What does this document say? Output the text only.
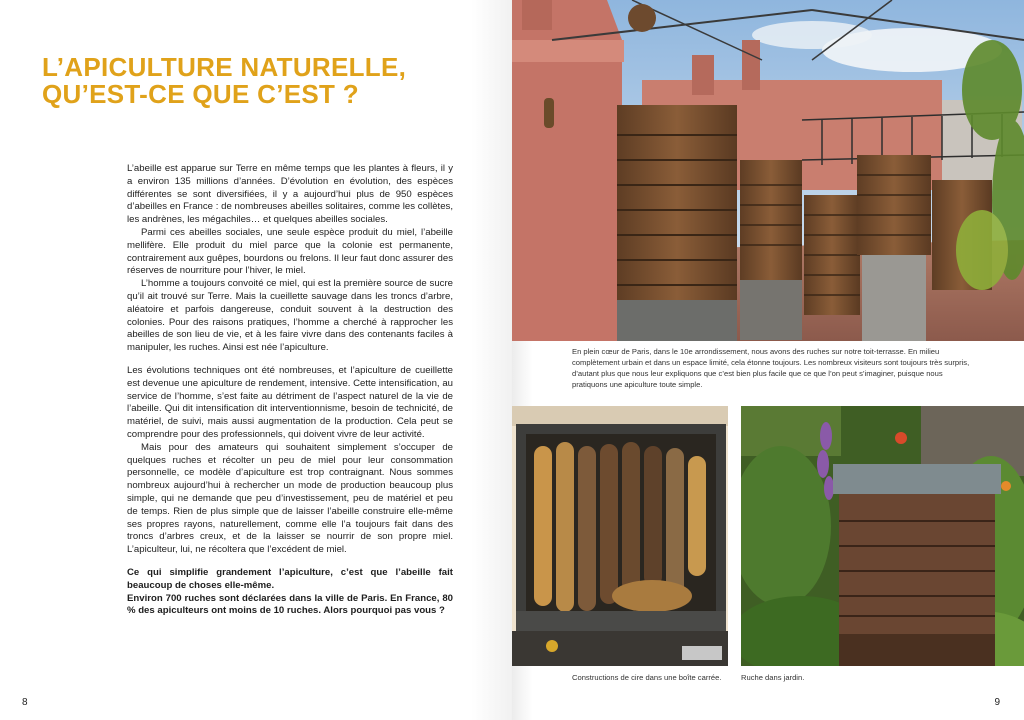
L’APICULTURE NATURELLE,
QU’EST-CE QUE C’EST ?

L’abeille est apparue sur Terre en même temps que les plantes à fleurs, il y a environ 135 millions d’années. D’évolution en évolution, des espèces différentes se sont diversifiées, il y a aujourd’hui plus de 950 espèces d’abeilles en France : de nombreuses abeilles solitaires, comme les collètes, les andrènes, les mégachiles… et quelques abeilles sociales.

Parmi ces abeilles sociales, une seule espèce produit du miel, l’abeille mellifère. Elle produit du miel parce que la colonie est permanente, contrairement aux guêpes, bourdons ou frelons. Il leur faut donc assurer des réserves de nourriture pour l’hiver, le miel.

L’homme a toujours convoité ce miel, qui est la première source de sucre qu’il ait trouvé sur Terre. Mais la cueillette sauvage dans les troncs d’arbre, aléatoire et parfois dangereuse, conduit souvent à la destruction des colonies. Pour des raisons pratiques, l’homme a cherché à rapprocher les abeilles de son lieu de vie, et à les faire vivre dans des contenants faciles à manipuler, les ruches. Ainsi est née l’apiculture.

Les évolutions techniques ont été nombreuses, et l’apiculture de cueillette est devenue une apiculture de rendement, intensive. Cette intensification, au service de l’homme, s’est faite au détriment de l’aspect naturel de la vie de l’abeille. Qui dit intensification dit interventionnisme, besoin de technicité, de matériel, de suivi, mais aussi augmentation de la production. Cela peut se comprendre pour des professionnels, qui doivent vivre de leur activité.

Mais pour des amateurs qui souhaitent simplement s’occuper de quelques ruches et récolter un peu de miel pour leur consommation personnelle, ce modèle d’apiculture est trop contraignant. Nous sommes nombreux aujourd’hui à rechercher un mode de production beaucoup plus simple, qui ne demande que peu d’investissement, peu de matériel et peu de temps. Rien de plus simple que de laisser l’abeille construire elle-même ses propres rayons, naturellement, comme elle l’a toujours fait dans des troncs d’arbres creux, et de la laisser se nourrir de son propre miel. L’apiculteur, lui, ne récoltera que l’excédent de miel.

Ce qui simplifie grandement l’apiculture, c’est que l’abeille fait beaucoup de choses elle-même.

Environ 700 ruches sont déclarées dans la ville de Paris. En France, 80 % des apiculteurs ont moins de 10 ruches. Alors pourquoi pas vous ?

8
En plein cœur de Paris, dans le 10e arrondissement, nous avons des ruches sur notre toit-terrasse. En milieu complètement urbain et dans un espace limité, cela étonne toujours. Les nombreux visiteurs sont toujours très surpris, d’autant plus que nous leur expliquons que c’est bien plus facile que ce que l’on peut s’imaginer, puisque nous pratiquons une apiculture toute simple.
Constructions de cire dans une boîte carrée.	Ruche dans jardin.
9
